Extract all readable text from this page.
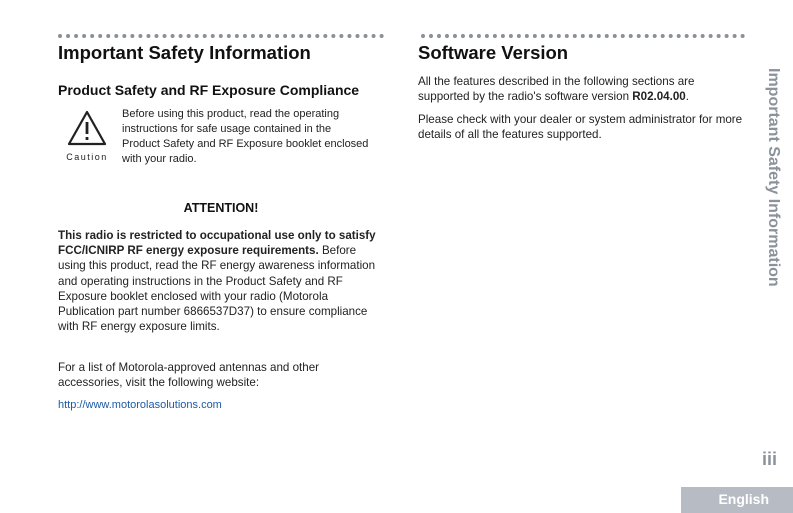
Important Safety Information
Product Safety and RF Exposure Compliance
Caution
Before using this product, read the operating instructions for safe usage contained in the Product Safety and RF Exposure booklet enclosed with your radio.
ATTENTION!

This radio is restricted to occupational use only to satisfy FCC/ICNIRP RF energy exposure requirements. Before using this product, read the RF energy awareness information and operating instructions in the Product Safety and RF Exposure booklet enclosed with your radio (Motorola Publication part number 6866537D37) to ensure compliance with RF energy exposure limits.

For a list of Motorola-approved antennas and other accessories, visit the following website:

http://www.motorolasolutions.com
Software Version

All the features described in the following sections are supported by the radio's software version R02.04.00.

Please check with your dealer or system administrator for more details of all the features supported.	Important Safety Information
iii
English
